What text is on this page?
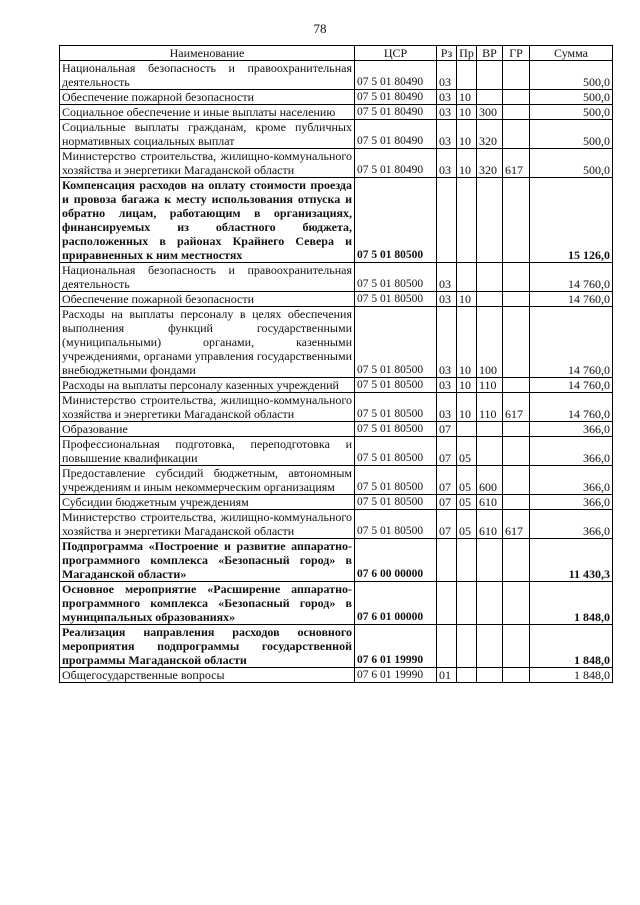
78
Наименование	ЦСР	Рз	Пр	ВР	ГР	Сумма
Национальная безопасность и правоохранительная деятельность	07 5 01 80490	03				500,0
Обеспечение пожарной безопасности	07 5 01 80490	03	10			500,0
Социальное обеспечение и иные выплаты населению	07 5 01 80490	03	10	300		500,0
Социальные выплаты гражданам, кроме публичных нормативных социальных выплат	07 5 01 80490	03	10	320		500,0
Министерство строительства, жилищно-коммунального хозяйства и энергетики Магаданской области	07 5 01 80490	03	10	320	617	500,0
Компенсация расходов на оплату стоимости проезда и провоза багажа к месту использования отпуска и обратно лицам, работающим в организациях, финансируемых из областного бюджета, расположенных в районах Крайнего Севера и приравненных к ним местностях	07 5 01 80500					15 126,0
Национальная безопасность и правоохранительная деятельность	07 5 01 80500	03				14 760,0
Обеспечение пожарной безопасности	07 5 01 80500	03	10			14 760,0
Расходы на выплаты персоналу в целях обеспечения выполнения функций государственными (муниципальными) органами, казенными учреждениями, органами управления государственными внебюджетными фондами	07 5 01 80500	03	10	100		14 760,0
Расходы на выплаты персоналу казенных учреждений	07 5 01 80500	03	10	110		14 760,0
Министерство строительства, жилищно-коммунального хозяйства и энергетики Магаданской области	07 5 01 80500	03	10	110	617	14 760,0
Образование	07 5 01 80500	07				366,0
Профессиональная подготовка, переподготовка и повышение квалификации	07 5 01 80500	07	05			366,0
Предоставление субсидий бюджетным, автономным учреждениям и иным некоммерческим организациям	07 5 01 80500	07	05	600		366,0
Субсидии бюджетным учреждениям	07 5 01 80500	07	05	610		366,0
Министерство строительства, жилищно-коммунального хозяйства и энергетики Магаданской области	07 5 01 80500	07	05	610	617	366,0
Подпрограмма «Построение и развитие аппаратно-программного комплекса «Безопасный город» в Магаданской области»	07 6 00 00000					11 430,3
Основное мероприятие «Расширение аппаратно-программного комплекса «Безопасный город» в муниципальных образованиях»	07 6 01 00000					1 848,0
Реализация направления расходов основного мероприятия подпрограммы государственной программы Магаданской области	07 6 01 19990					1 848,0
Общегосударственные вопросы	07 6 01 19990	01				1 848,0
